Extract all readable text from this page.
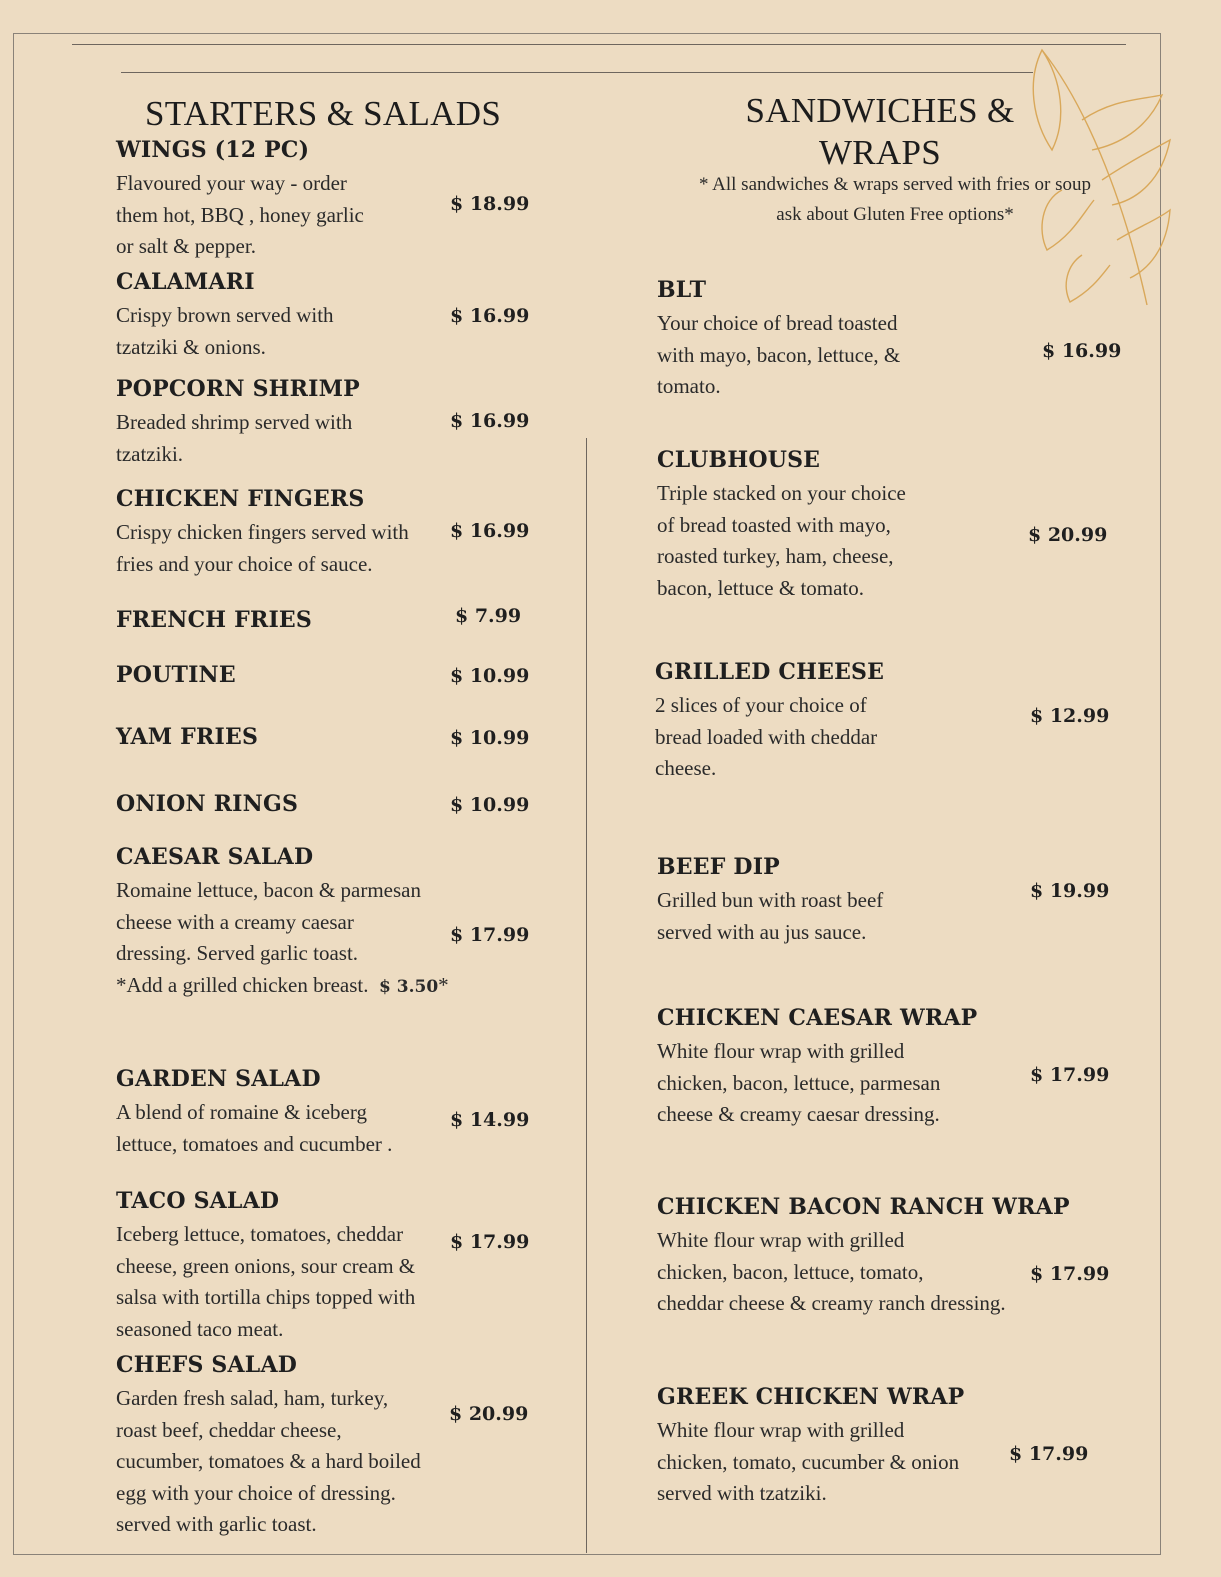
STARTERS & SALADS	SANDWICHES &
WRAPS
* All sandwiches & wraps served with fries or soup
ask about Gluten Free options*
WINGS (12 PC)
Flavoured your way - order
them hot, BBQ , honey garlic
or salt & pepper.
$ 18.99
CALAMARI
Crispy brown served with
tzatziki & onions.
$ 16.99
POPCORN SHRIMP
Breaded shrimp served with
tzatziki.
$ 16.99
CHICKEN FINGERS
Crispy chicken fingers served with
fries and your choice of sauce.
$ 16.99
FRENCH FRIES	$ 7.99
POUTINE	$ 10.99
YAM FRIES	$ 10.99
ONION RINGS	$ 10.99
CAESAR SALAD
Romaine lettuce, bacon & parmesan
cheese with a creamy caesar
dressing. Served garlic toast.
*Add a grilled chicken breast. $ 3.50*
$ 17.99
GARDEN SALAD
A blend of romaine & iceberg
lettuce, tomatoes and cucumber .
$ 14.99
TACO SALAD
Iceberg lettuce, tomatoes, cheddar
cheese, green onions, sour cream &
salsa with tortilla chips topped with
seasoned taco meat.
$ 17.99
CHEFS SALAD
Garden fresh salad, ham, turkey,
roast beef, cheddar cheese,
cucumber, tomatoes & a hard boiled
egg with your choice of dressing.
served with garlic toast.
$ 20.99
BLT
Your choice of bread toasted
with mayo, bacon, lettuce, &
tomato.
$ 16.99
CLUBHOUSE
Triple stacked on your choice
of bread toasted with mayo,
roasted turkey, ham, cheese,
bacon, lettuce & tomato.
$ 20.99
GRILLED CHEESE
2 slices of your choice of
bread loaded with cheddar
cheese.
$ 12.99
BEEF DIP
Grilled bun with roast beef
served with au jus sauce.
$ 19.99
CHICKEN CAESAR WRAP
White flour wrap with grilled
chicken, bacon, lettuce, parmesan
cheese & creamy caesar dressing.
$ 17.99
CHICKEN BACON RANCH WRAP
White flour wrap with grilled
chicken, bacon, lettuce, tomato,
cheddar cheese & creamy ranch dressing.
$ 17.99
GREEK CHICKEN WRAP
White flour wrap with grilled
chicken, tomato, cucumber & onion
served with tzatziki.
$ 17.99
